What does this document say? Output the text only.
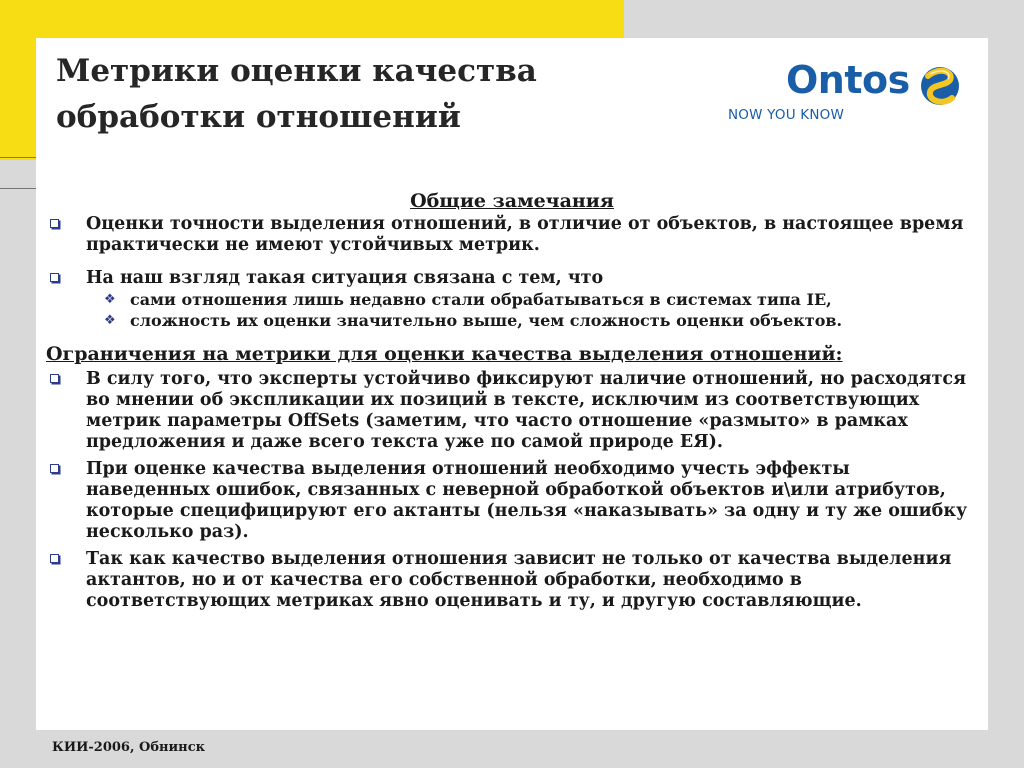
Метрики оценки качества
обработки отношений
Ontos
NOW YOU KNOW

Общие замечания

Оценки точности выделения отношений, в отличие от объектов, в настоящее время практически не имеют устойчивых метрик.
На наш взгляд такая ситуация связана с тем, что
❖ сами отношения лишь недавно стали обрабатываться в системах типа IE,
❖ сложность их оценки значительно выше, чем сложность оценки объектов.

Ограничения на метрики для оценки качества выделения отношений:

В силу того, что эксперты устойчиво фиксируют наличие отношений, но расходятся во мнении об экспликации их позиций в тексте, исключим из соответствующих метрик параметры OffSets (заметим, что часто отношение «размыто» в рамках предложения и даже всего текста уже по самой природе ЕЯ).
При оценке качества выделения отношений необходимо учесть эффекты наведенных ошибок, связанных с неверной обработкой объектов и\или атрибутов, которые специфицируют его актанты (нельзя «наказывать» за одну и ту же ошибку несколько раз).
Так как качество выделения отношения зависит не только от качества выделения актантов, но и от качества его собственной обработки, необходимо в соответствующих метриках явно оценивать и ту, и другую составляющие.
КИИ-2006, Обнинск
